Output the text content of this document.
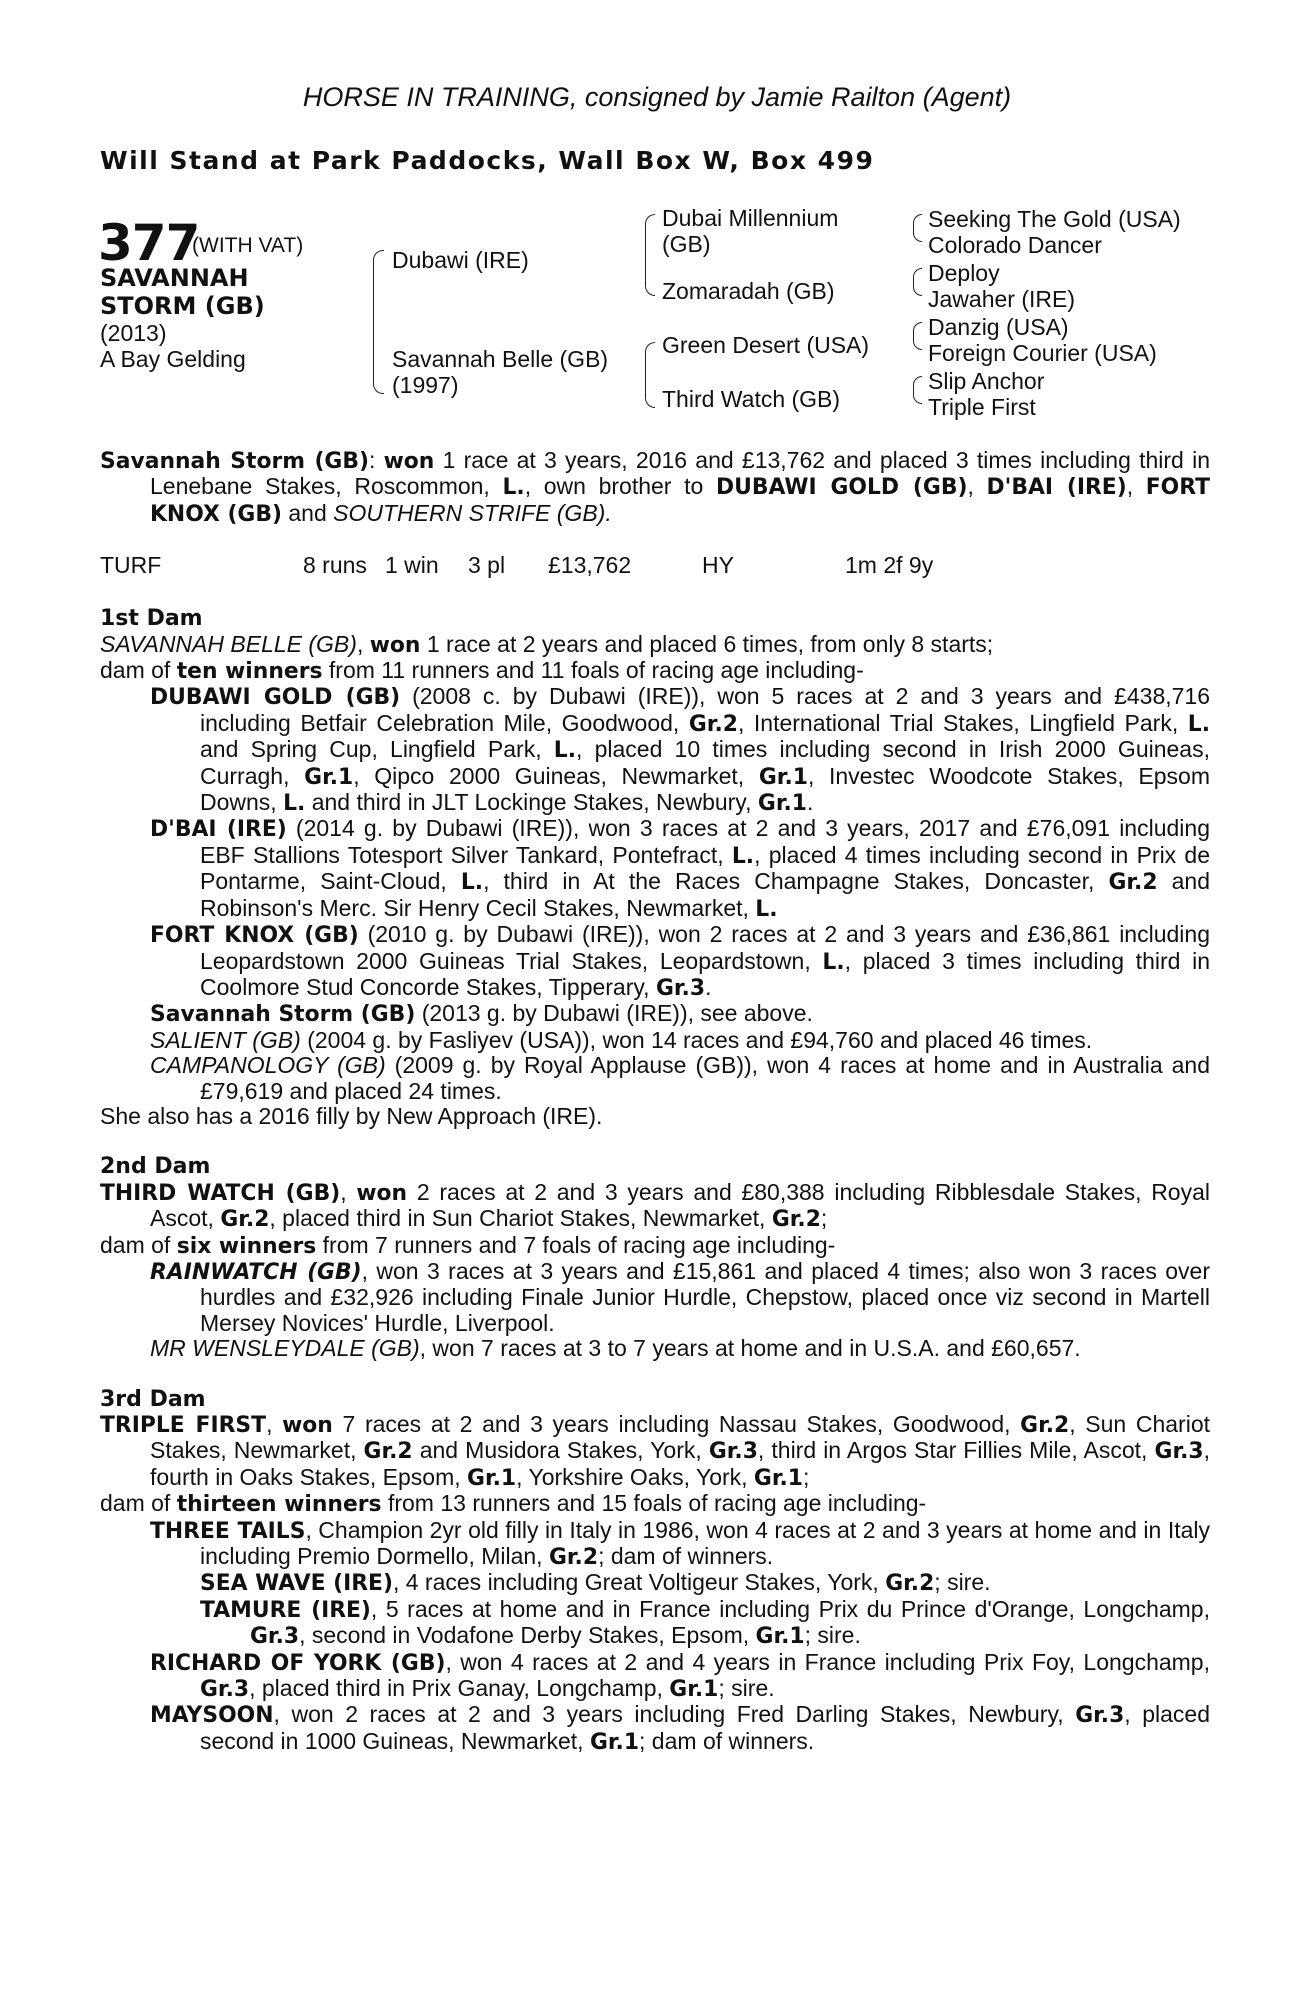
HORSE IN TRAINING, consigned by Jamie Railton (Agent)
Will Stand at Park Paddocks, Wall Box W, Box 499
377
(WITH VAT)
SAVANNAH
STORM (GB)
(2013)
A Bay Gelding
Dubawi (IRE)
Savannah Belle (GB)
(1997)
Dubai Millennium
(GB)
Zomaradah (GB)
Green Desert (USA)
Third Watch (GB)
Seeking The Gold (USA)
Colorado Dancer
Deploy
Jawaher (IRE)
Danzig (USA)
Foreign Courier (USA)
Slip Anchor
Triple First

Savannah Storm (GB): won 1 race at 3 years, 2016 and £13,762 and placed 3 times including third in Lenebane Stakes, Roscommon, L., own brother to DUBAWI GOLD (GB), D'BAI (IRE), FORT KNOX (GB) and SOUTHERN STRIFE (GB).

TURF	8 runs 1 win 3 pl £13,762	HY	1m 2f 9y

1st Dam

SAVANNAH BELLE (GB), won 1 race at 2 years and placed 6 times, from only 8 starts;

dam of ten winners from 11 runners and 11 foals of racing age including-

DUBAWI GOLD (GB) (2008 c. by Dubawi (IRE)), won 5 races at 2 and 3 years and £438,716 including Betfair Celebration Mile, Goodwood, Gr.2, International Trial Stakes, Lingfield Park, L. and Spring Cup, Lingfield Park, L., placed 10 times including second in Irish 2000 Guineas, Curragh, Gr.1, Qipco 2000 Guineas, Newmarket, Gr.1, Investec Woodcote Stakes, Epsom Downs, L. and third in JLT Lockinge Stakes, Newbury, Gr.1.

D'BAI (IRE) (2014 g. by Dubawi (IRE)), won 3 races at 2 and 3 years, 2017 and £76,091 including EBF Stallions Totesport Silver Tankard, Pontefract, L., placed 4 times including second in Prix de Pontarme, Saint-Cloud, L., third in At the Races Champagne Stakes, Doncaster, Gr.2 and Robinson's Merc. Sir Henry Cecil Stakes, Newmarket, L.

FORT KNOX (GB) (2010 g. by Dubawi (IRE)), won 2 races at 2 and 3 years and £36,861 including Leopardstown 2000 Guineas Trial Stakes, Leopardstown, L., placed 3 times including third in Coolmore Stud Concorde Stakes, Tipperary, Gr.3.

Savannah Storm (GB) (2013 g. by Dubawi (IRE)), see above.

SALIENT (GB) (2004 g. by Fasliyev (USA)), won 14 races and £94,760 and placed 46 times.

CAMPANOLOGY (GB) (2009 g. by Royal Applause (GB)), won 4 races at home and in Australia and £79,619 and placed 24 times.

She also has a 2016 filly by New Approach (IRE).

2nd Dam

THIRD WATCH (GB), won 2 races at 2 and 3 years and £80,388 including Ribblesdale Stakes, Royal Ascot, Gr.2, placed third in Sun Chariot Stakes, Newmarket, Gr.2;

dam of six winners from 7 runners and 7 foals of racing age including-

RAINWATCH (GB), won 3 races at 3 years and £15,861 and placed 4 times; also won 3 races over hurdles and £32,926 including Finale Junior Hurdle, Chepstow, placed once viz second in Martell Mersey Novices' Hurdle, Liverpool.

MR WENSLEYDALE (GB), won 7 races at 3 to 7 years at home and in U.S.A. and £60,657.

3rd Dam

TRIPLE FIRST, won 7 races at 2 and 3 years including Nassau Stakes, Goodwood, Gr.2, Sun Chariot Stakes, Newmarket, Gr.2 and Musidora Stakes, York, Gr.3, third in Argos Star Fillies Mile, Ascot, Gr.3, fourth in Oaks Stakes, Epsom, Gr.1, Yorkshire Oaks, York, Gr.1;

dam of thirteen winners from 13 runners and 15 foals of racing age including-

THREE TAILS, Champion 2yr old filly in Italy in 1986, won 4 races at 2 and 3 years at home and in Italy including Premio Dormello, Milan, Gr.2; dam of winners.

SEA WAVE (IRE), 4 races including Great Voltigeur Stakes, York, Gr.2; sire.

TAMURE (IRE), 5 races at home and in France including Prix du Prince d'Orange, Longchamp, Gr.3, second in Vodafone Derby Stakes, Epsom, Gr.1; sire.

RICHARD OF YORK (GB), won 4 races at 2 and 4 years in France including Prix Foy, Longchamp, Gr.3, placed third in Prix Ganay, Longchamp, Gr.1; sire.

MAYSOON, won 2 races at 2 and 3 years including Fred Darling Stakes, Newbury, Gr.3, placed second in 1000 Guineas, Newmarket, Gr.1; dam of winners.
